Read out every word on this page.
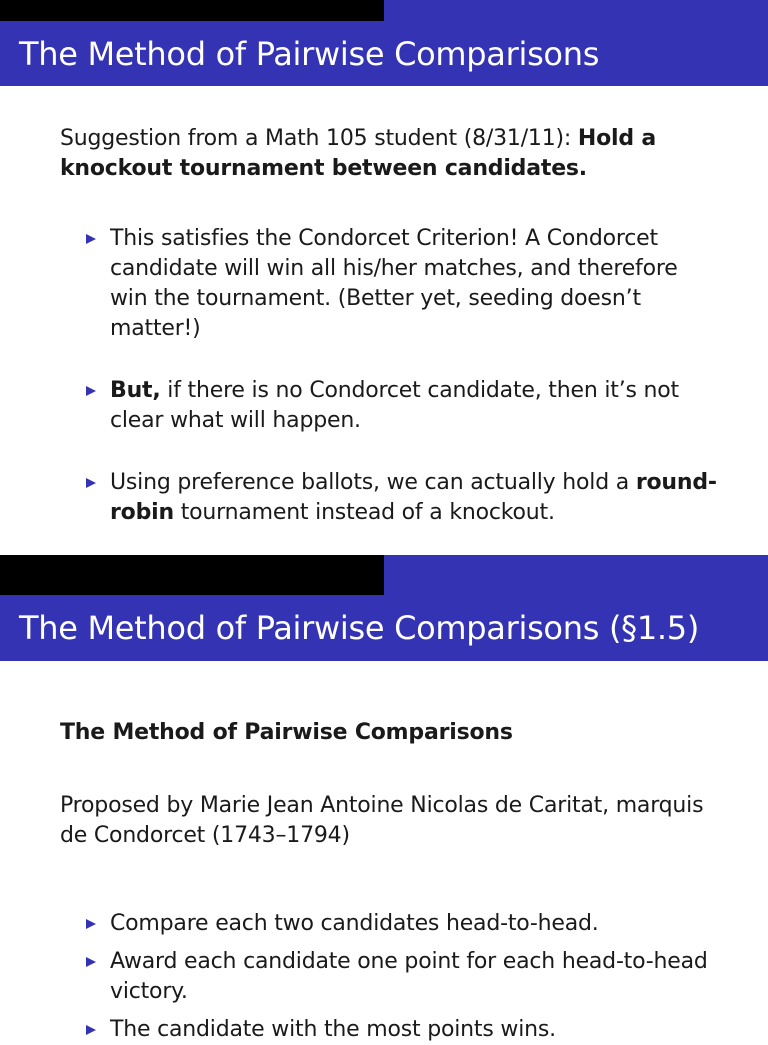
The Method of Pairwise Comparisons
Suggestion from a Math 105 student (8/31/11): Hold a knockout tournament between candidates.
This satisfies the Condorcet Criterion! A Condorcet candidate will win all his/her matches, and therefore win the tournament. (Better yet, seeding doesn’t matter!)
But, if there is no Condorcet candidate, then it’s not clear what will happen.
Using preference ballots, we can actually hold a round-robin tournament instead of a knockout.
The Method of Pairwise Comparisons (§1.5)
The Method of Pairwise Comparisons
Proposed by Marie Jean Antoine Nicolas de Caritat, marquis de Condorcet (1743–1794)
Compare each two candidates head-to-head.
Award each candidate one point for each head-to-head victory.
The candidate with the most points wins.
